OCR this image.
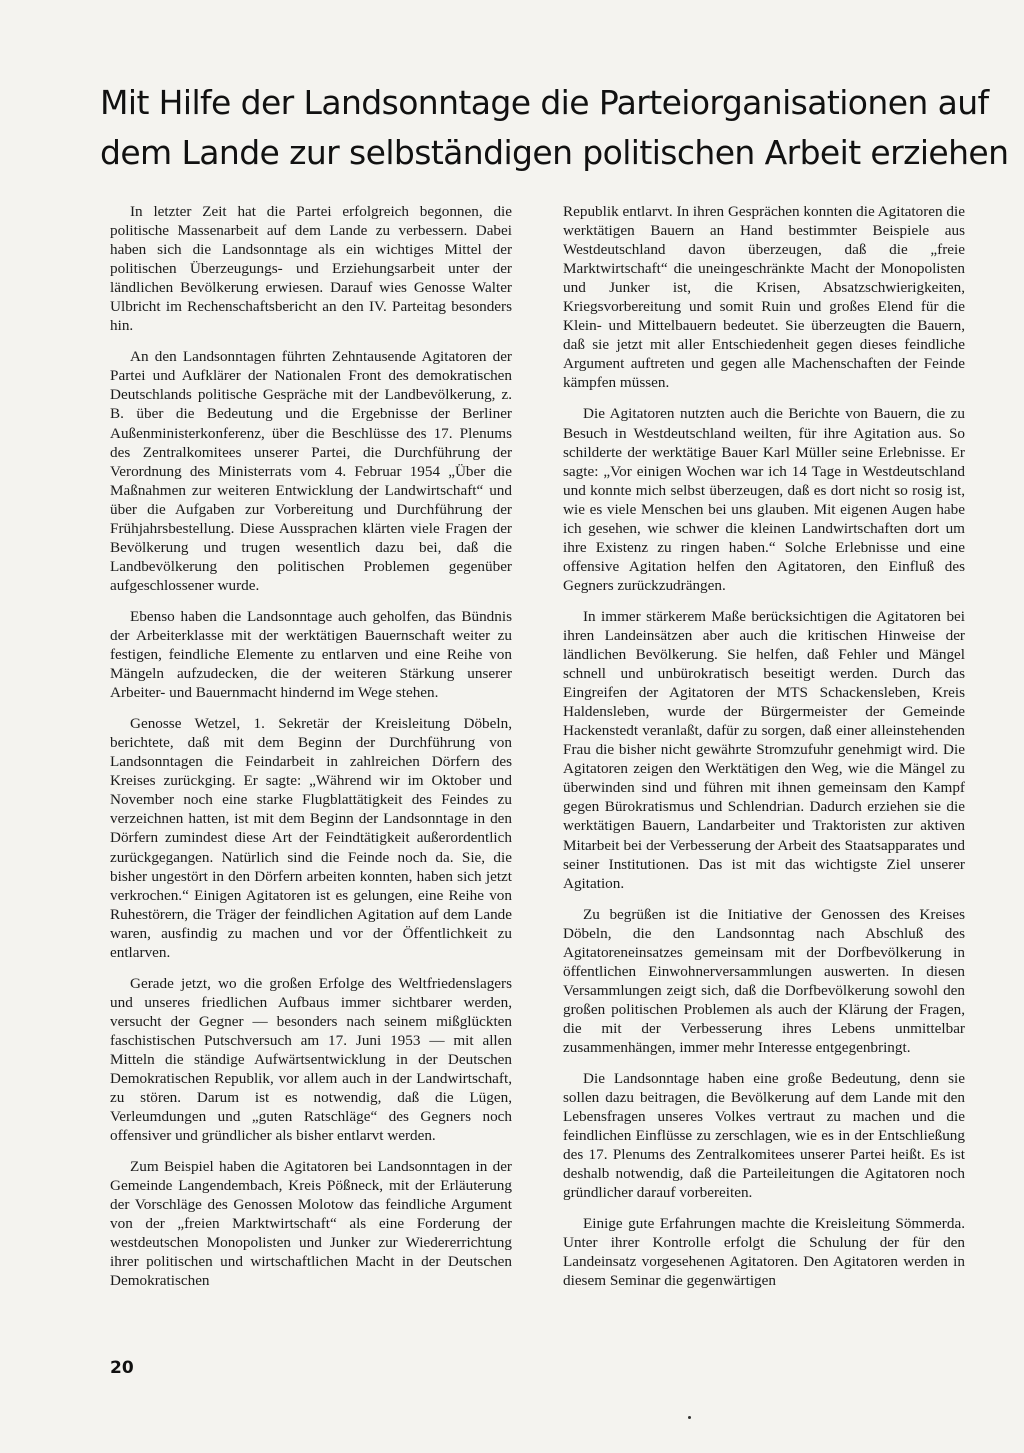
Mit Hilfe der Landsonntage die Parteiorganisationen auf
dem Lande zur selbständigen politischen Arbeit erziehen

In letzter Zeit hat die Partei erfolgreich begonnen, die politische Massenarbeit auf dem Lande zu verbessern. Dabei haben sich die Landsonntage als ein wichtiges Mittel der politischen Überzeugungs- und Erziehungsarbeit unter der ländlichen Bevölkerung erwiesen. Darauf wies Genosse Walter Ulbricht im Rechenschaftsbericht an den IV. Parteitag besonders hin.

An den Landsonntagen führten Zehntausende Agitatoren der Partei und Aufklärer der Nationalen Front des demokratischen Deutschlands politische Gespräche mit der Landbevölkerung, z. B. über die Bedeutung und die Ergebnisse der Berliner Außenministerkonferenz, über die Beschlüsse des 17. Plenums des Zentralkomitees unserer Partei, die Durchführung der Verordnung des Ministerrats vom 4. Februar 1954 „Über die Maßnahmen zur weiteren Entwicklung der Landwirtschaft“ und über die Aufgaben zur Vorbereitung und Durchführung der Frühjahrsbestellung. Diese Aussprachen klärten viele Fragen der Bevölkerung und trugen wesentlich dazu bei, daß die Landbevölkerung den politischen Problemen gegenüber aufgeschlossener wurde.

Ebenso haben die Landsonntage auch geholfen, das Bündnis der Arbeiterklasse mit der werktätigen Bauernschaft weiter zu festigen, feindliche Elemente zu entlarven und eine Reihe von Mängeln aufzudecken, die der weiteren Stärkung unserer Arbeiter- und Bauernmacht hindernd im Wege stehen.

Genosse Wetzel, 1. Sekretär der Kreisleitung Döbeln, berichtete, daß mit dem Beginn der Durchführung von Landsonntagen die Feindarbeit in zahlreichen Dörfern des Kreises zurückging. Er sagte: „Während wir im Oktober und November noch eine starke Flugblattätigkeit des Feindes zu verzeichnen hatten, ist mit dem Beginn der Landsonntage in den Dörfern zumindest diese Art der Feindtätigkeit außerordentlich zurückgegangen. Natürlich sind die Feinde noch da. Sie, die bisher ungestört in den Dörfern arbeiten konnten, haben sich jetzt verkrochen.“ Einigen Agitatoren ist es gelungen, eine Reihe von Ruhestörern, die Träger der feindlichen Agitation auf dem Lande waren, ausfindig zu machen und vor der Öffentlichkeit zu entlarven.

Gerade jetzt, wo die großen Erfolge des Weltfriedenslagers und unseres friedlichen Aufbaus immer sichtbarer werden, versucht der Gegner — besonders nach seinem mißglückten faschistischen Putschversuch am 17. Juni 1953 — mit allen Mitteln die ständige Aufwärtsentwicklung in der Deutschen Demokratischen Republik, vor allem auch in der Landwirtschaft, zu stören. Darum ist es notwendig, daß die Lügen, Verleumdungen und „guten Ratschläge“ des Gegners noch offensiver und gründlicher als bisher entlarvt werden.

Zum Beispiel haben die Agitatoren bei Landsonntagen in der Gemeinde Langendembach, Kreis Pößneck, mit der Erläuterung der Vorschläge des Genossen Molotow das feindliche Argument von der „freien Marktwirtschaft“ als eine Forderung der westdeutschen Monopolisten und Junker zur Wiedererrichtung ihrer politischen und wirtschaftlichen Macht in der Deutschen Demokratischen

Republik entlarvt. In ihren Gesprächen konnten die Agitatoren die werktätigen Bauern an Hand bestimmter Beispiele aus Westdeutschland davon überzeugen, daß die „freie Marktwirtschaft“ die uneingeschränkte Macht der Monopolisten und Junker ist, die Krisen, Absatzschwierigkeiten, Kriegsvorbereitung und somit Ruin und großes Elend für die Klein- und Mittelbauern bedeutet. Sie überzeugten die Bauern, daß sie jetzt mit aller Entschiedenheit gegen dieses feindliche Argument auftreten und gegen alle Machenschaften der Feinde kämpfen müssen.

Die Agitatoren nutzten auch die Berichte von Bauern, die zu Besuch in Westdeutschland weilten, für ihre Agitation aus. So schilderte der werktätige Bauer Karl Müller seine Erlebnisse. Er sagte: „Vor einigen Wochen war ich 14 Tage in Westdeutschland und konnte mich selbst überzeugen, daß es dort nicht so rosig ist, wie es viele Menschen bei uns glauben. Mit eigenen Augen habe ich gesehen, wie schwer die kleinen Landwirtschaften dort um ihre Existenz zu ringen haben.“ Solche Erlebnisse und eine offensive Agitation helfen den Agitatoren, den Einfluß des Gegners zurückzudrängen.

In immer stärkerem Maße berücksichtigen die Agitatoren bei ihren Landeinsätzen aber auch die kritischen Hinweise der ländlichen Bevölkerung. Sie helfen, daß Fehler und Mängel schnell und unbürokratisch beseitigt werden. Durch das Eingreifen der Agitatoren der MTS Schackensleben, Kreis Haldensleben, wurde der Bürgermeister der Gemeinde Hackenstedt veranlaßt, dafür zu sorgen, daß einer alleinstehenden Frau die bisher nicht gewährte Stromzufuhr genehmigt wird. Die Agitatoren zeigen den Werktätigen den Weg, wie die Mängel zu überwinden sind und führen mit ihnen gemeinsam den Kampf gegen Bürokratismus und Schlendrian. Dadurch erziehen sie die werktätigen Bauern, Landarbeiter und Traktoristen zur aktiven Mitarbeit bei der Verbesserung der Arbeit des Staatsapparates und seiner Institutionen. Das ist mit das wichtigste Ziel unserer Agitation.

Zu begrüßen ist die Initiative der Genossen des Kreises Döbeln, die den Landsonntag nach Abschluß des Agitatoreneinsatzes gemeinsam mit der Dorfbevölkerung in öffentlichen Einwohnerversammlungen auswerten. In diesen Versammlungen zeigt sich, daß die Dorfbevölkerung sowohl den großen politischen Problemen als auch der Klärung der Fragen, die mit der Verbesserung ihres Lebens unmittelbar zusammenhängen, immer mehr Interesse entgegenbringt.

Die Landsonntage haben eine große Bedeutung, denn sie sollen dazu beitragen, die Bevölkerung auf dem Lande mit den Lebensfragen unseres Volkes vertraut zu machen und die feindlichen Einflüsse zu zerschlagen, wie es in der Entschließung des 17. Plenums des Zentralkomitees unserer Partei heißt. Es ist deshalb notwendig, daß die Parteileitungen die Agitatoren noch gründlicher darauf vorbereiten.

Einige gute Erfahrungen machte die Kreisleitung Sömmerda. Unter ihrer Kontrolle erfolgt die Schulung der für den Landeinsatz vorgesehenen Agitatoren. Den Agitatoren werden in diesem Seminar die gegenwärtigen

20
